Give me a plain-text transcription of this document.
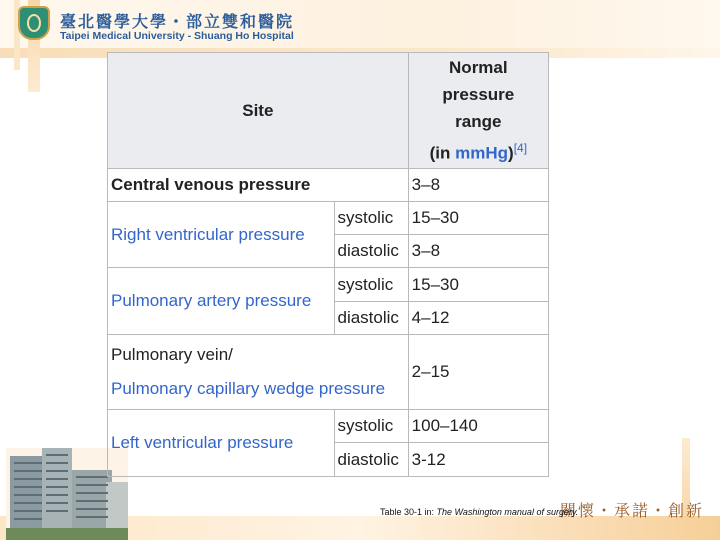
臺北醫學大學・部立雙和醫院
Taipei Medical University - Shuang Ho Hospital
關懷・承諾・創新
Site		Normal
pressure
range
(in mmHg)[4]
Central venous pressure		3–8
Right ventricular pressure	systolic	15–30
	diastolic	3–8
Pulmonary artery pressure	systolic	15–30
	diastolic	4–12
Pulmonary vein/
Pulmonary capillary wedge pressure		2–15
Left ventricular pressure	systolic	100–140
	diastolic	3-12
Table 30-1 in: The Washington manual of surgery.
